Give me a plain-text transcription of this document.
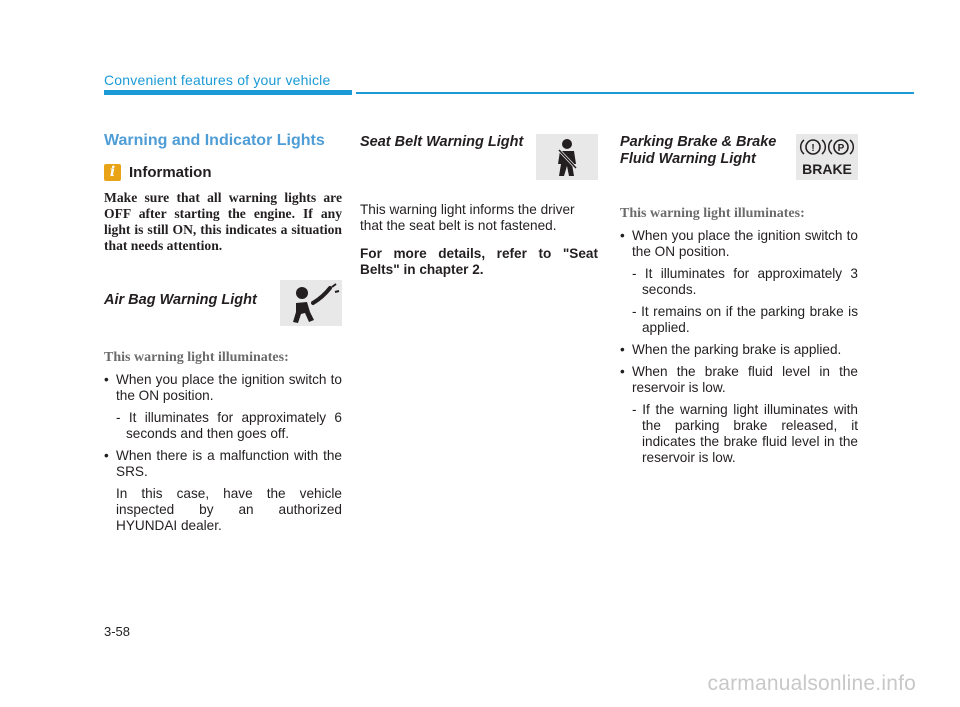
Convenient features of your vehicle
Warning and Indicator Lights
i Information

Make sure that all warning lights are OFF after starting the engine. If any light is still ON, this indicates a situation that needs attention.

Air Bag Warning Light
This warning light illuminates:

• When you place the ignition switch to the ON position.

- It illuminates for approximately 6 seconds and then goes off.

• When there is a malfunction with the SRS.

In this case, have the vehicle inspected by an authorized HYUNDAI dealer.

Seat Belt Warning Light

This warning light informs the driver that the seat belt is not fastened.

For more details, refer to "Seat Belts" in chapter 2.

Parking Brake & Brake Fluid Warning Light
! P
BRAKE
This warning light illuminates:

• When you place the ignition switch to the ON position.

- It illuminates for approximately 3 seconds.

- It remains on if the parking brake is applied.

• When the parking brake is applied.

• When the brake fluid level in the reservoir is low.

- If the warning light illuminates with the parking brake released, it indicates the brake fluid level in the reservoir is low.

3-58
carmanualsonline.info
